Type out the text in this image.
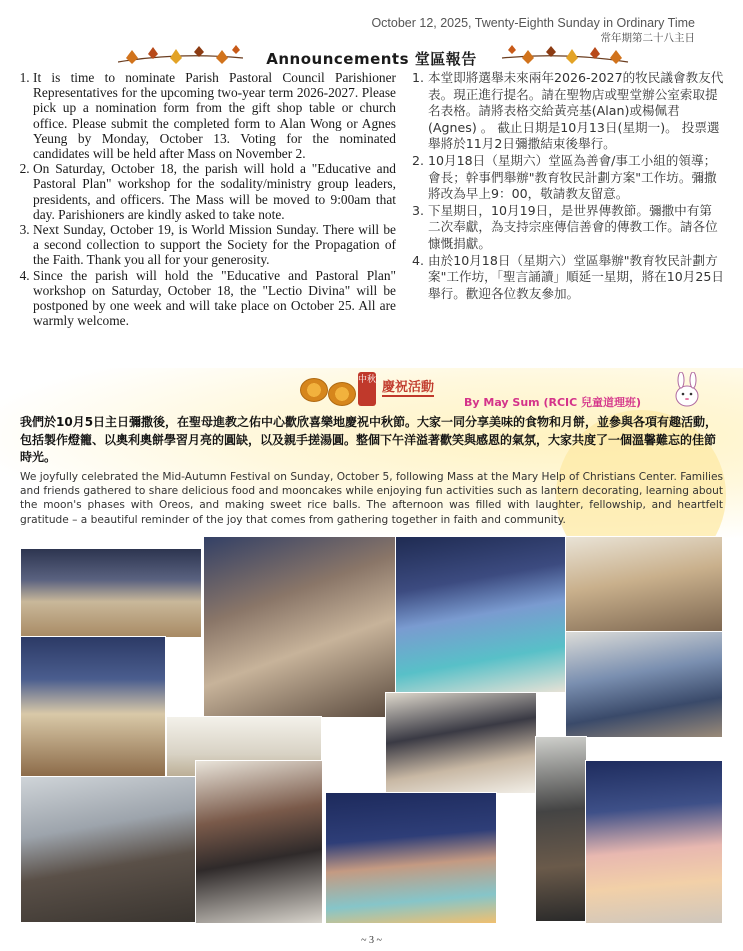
October 12, 2025, Twenty-Eighth Sunday in Ordinary Time
常年期第二十八主日
Announcements 堂區報告
1. It is time to nominate Parish Pastoral Council Parishioner Representatives for the upcoming two-year term 2026-2027. Please pick up a nomination form from the gift shop table or church office. Please submit the completed form to Alan Wong or Agnes Yeung by Monday, October 13. Voting for the nominated candidates will be held after Mass on November 2.
2. On Saturday, October 18, the parish will hold a "Educative and Pastoral Plan" workshop for the sodality/ministry group leaders, presidents, and officers. The Mass will be moved to 9:00am that day. Parishioners are kindly asked to take note.
3. Next Sunday, October 19, is World Mission Sunday. There will be a second collection to support the Society for the Propagation of the Faith. Thank you all for your generosity.
4. Since the parish will hold the "Educative and Pastoral Plan" workshop on Saturday, October 18, the "Lectio Divina" will be postponed by one week and will take place on October 25. All are warmly welcome.
1. 本堂即將選舉未來兩年2026-2027的牧民議會教友代表。現正進行提名。請在聖物店或聖堂辦公室索取提名表格。請將表格交給黃亮基(Alan)或楊佩君(Agnes) 。 截止日期是10月13日(星期一)。 投票選舉將於11月2日彌撒結束後舉行。
2. 10月18日（星期六）堂區為善會/事工小組的領導；會長；幹事們舉辦"教育牧民計劃方案"工作坊。彌撒將改為早上9：00，敬請教友留意。
3. 下星期日，10月19日，是世界傳教節。彌撒中有第二次奉獻，為支持宗座傳信善會的傳教工作。請各位慷慨捐獻。
4. 由於10月18日（星期六）堂區舉辦"教育牧民計劃方案"工作坊，「聖言誦讀」順延一星期，將在10月25日舉行。歡迎各位教友參加。
中秋 慶祝活動
By May Sum (RCIC 兒童道理班)
我們於10月5日主日彌撒後，在聖母進教之佑中心歡欣喜樂地慶祝中秋節。大家一同分享美味的食物和月餅，並參與各項有趣活動，包括製作燈籠、以奧利奧餅學習月亮的圓缺，以及親手搓湯圓。整個下午洋溢著歡笑與感恩的氣氛，大家共度了一個溫馨難忘的佳節時光。
We joyfully celebrated the Mid-Autumn Festival on Sunday, October 5, following Mass at the Mary Help of Christians Center. Families and friends gathered to share delicious food and mooncakes while enjoying fun activities such as lantern decorating, learning about the moon's phases with Oreos, and making sweet rice balls. The afternoon was filled with laughter, fellowship, and heartfelt gratitude – a beautiful reminder of the joy that comes from gathering together in faith and community.
~ 3 ~
